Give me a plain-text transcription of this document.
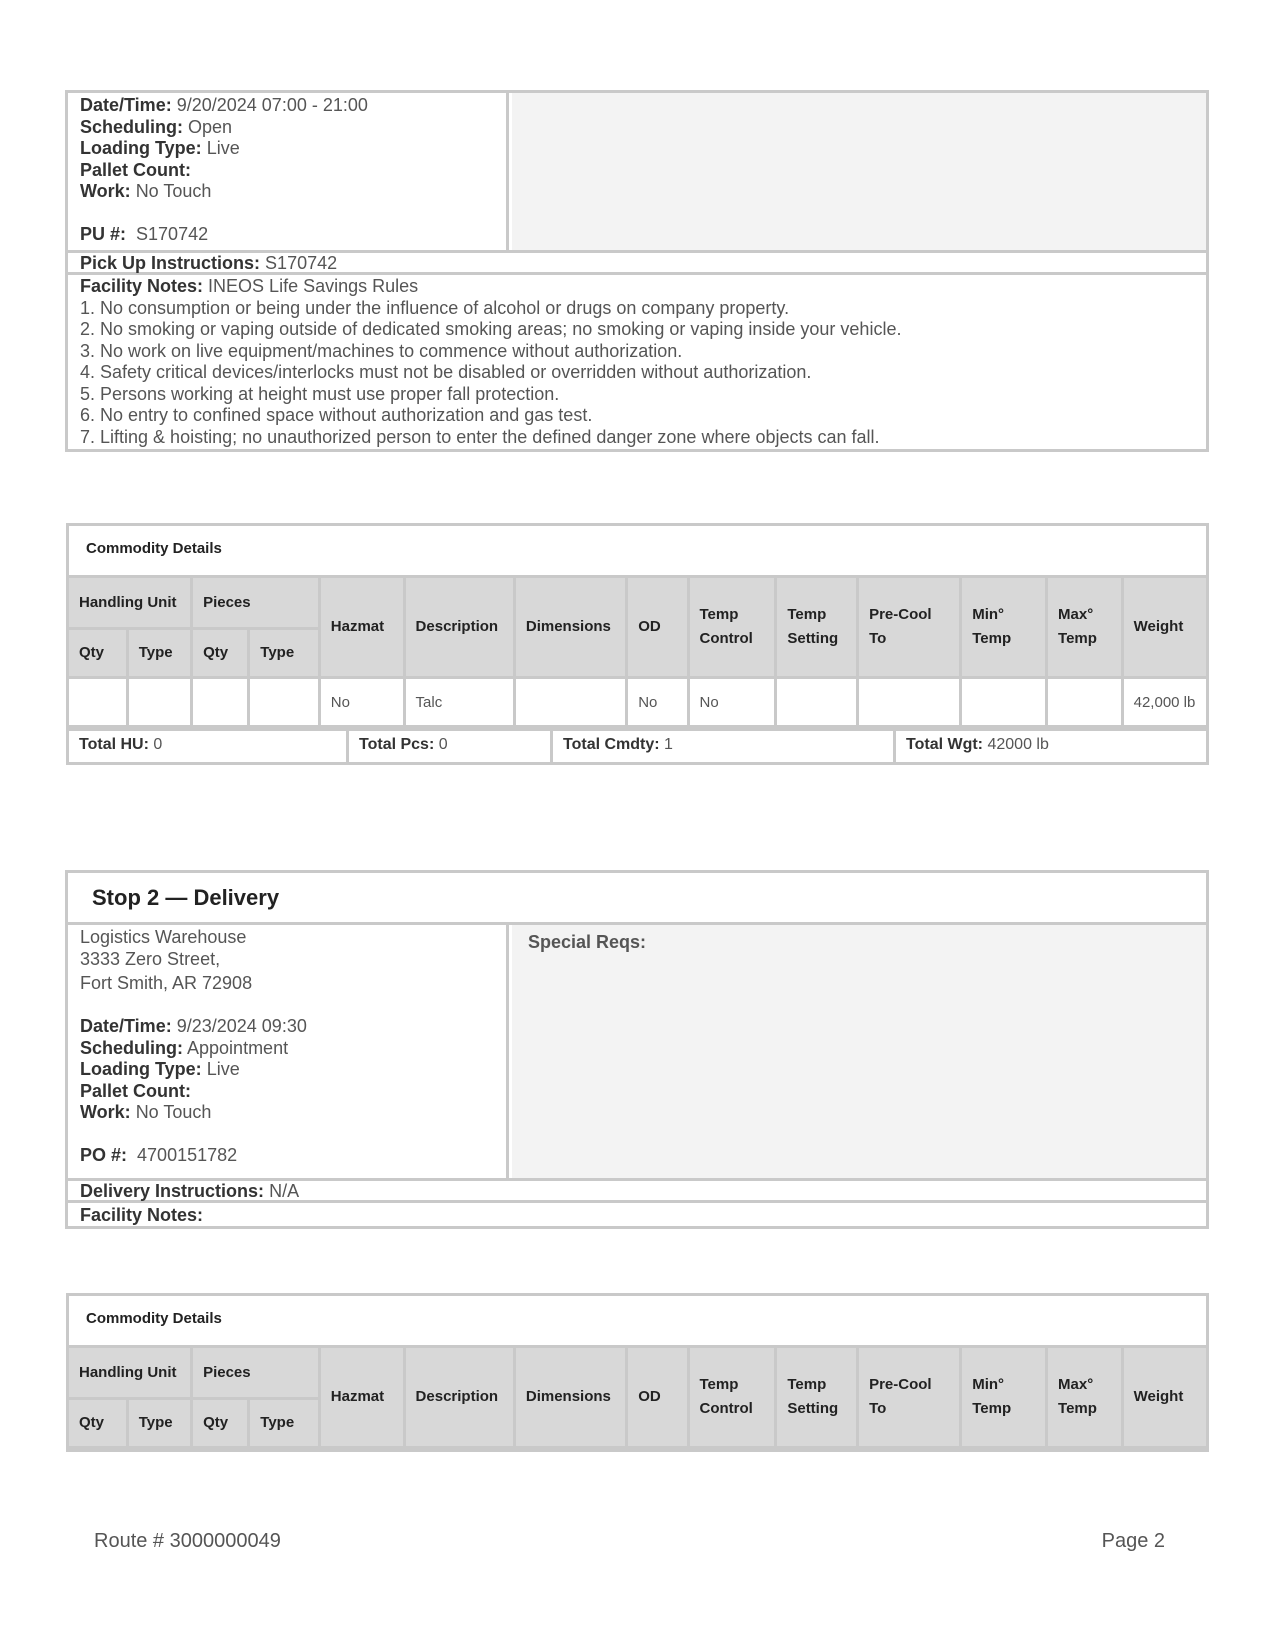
Date/Time: 9/20/2024 07:00 - 21:00
Scheduling: Open
Loading Type: Live
Pallet Count:
Work: No Touch

PU #: S170742
Pick Up Instructions: S170742
Facility Notes: INEOS Life Savings Rules
1. No consumption or being under the influence of alcohol or drugs on company property.
2. No smoking or vaping outside of dedicated smoking areas; no smoking or vaping inside your vehicle.
3. No work on live equipment/machines to commence without authorization.
4. Safety critical devices/interlocks must not be disabled or overridden without authorization.
5. Persons working at height must use proper fall protection.
6. No entry to confined space without authorization and gas test.
7. Lifting & hoisting; no unauthorized person to enter the defined danger zone where objects can fall.
Commodity Details
Handling Unit		Pieces		Hazmat	Description	Dimensions	OD	Temp Control	Temp Setting	Pre-Cool To	Min° Temp	Max° Temp	Weight
Qty	Type	Qty	Type										
				No	Talc		No	No					42,000 lb
Total HU: 0	Total Pcs: 0	Total Cmdty: 1	Total Wgt: 42000 lb
Stop 2 — Delivery
Logistics Warehouse
3333 Zero Street,
Fort Smith, AR 72908

Date/Time: 9/23/2024 09:30
Scheduling: Appointment
Loading Type: Live
Pallet Count:
Work: No Touch

PO #: 4700151782
Special Reqs:
Delivery Instructions: N/A
Facility Notes:
Commodity Details
Handling Unit		Pieces		Hazmat	Description	Dimensions	OD	Temp Control	Temp Setting	Pre-Cool To	Min° Temp	Max° Temp	Weight
Qty	Type	Qty	Type										
Route # 3000000049	Page 2
